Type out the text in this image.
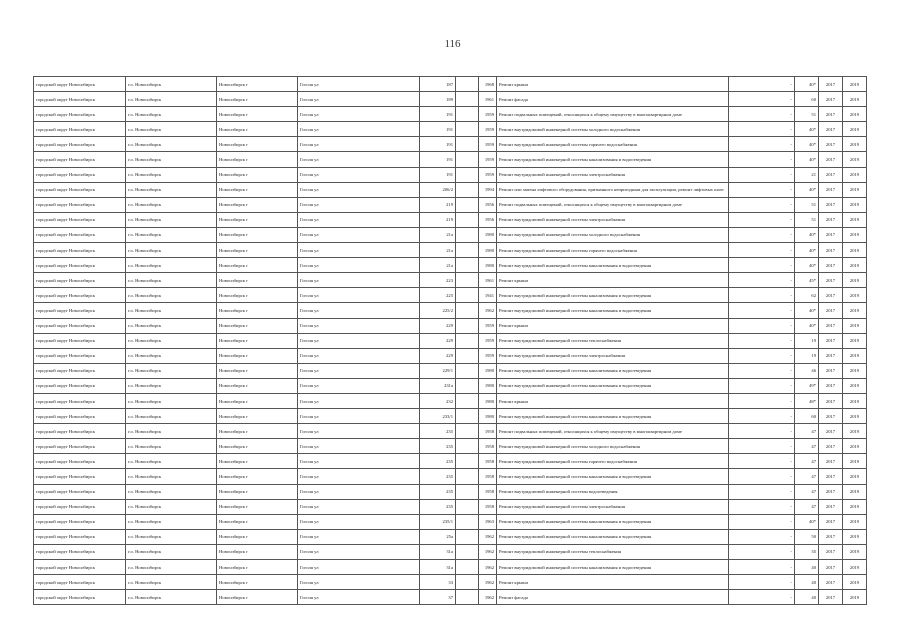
116
городской округ Новосибирск	г.о. Новосибирск	Новосибирск г	Гоголя ул	187		1968	Ремонт крыши	-	40*	2017	2019
городской округ Новосибирск	г.о. Новосибирск	Новосибирск г	Гоголя ул	189		1961	Ремонт фасада	-	60	2017	2019
городской округ Новосибирск	г.о. Новосибирск	Новосибирск г	Гоголя ул	191		1959	Ремонт подвальных помещений, относящихся к общему имуществу в многоквартирном доме	-	51	2017	2019
городской округ Новосибирск	г.о. Новосибирск	Новосибирск г	Гоголя ул	191		1959	Ремонт внутридомовой инженерной системы холодного водоснабжения	-	40*	2017	2019
городской округ Новосибирск	г.о. Новосибирск	Новосибирск г	Гоголя ул	191		1959	Ремонт внутридомовой инженерной системы горячего водоснабжения	-	40*	2017	2019
городской округ Новосибирск	г.о. Новосибирск	Новосибирск г	Гоголя ул	191		1959	Ремонт внутридомовой инженерной системы канализования и водоотведения	-	40*	2017	2019
городской округ Новосибирск	г.о. Новосибирск	Новосибирск г	Гоголя ул	191		1959	Ремонт внутридомовой инженерной системы электроснабжения	-	21	2017	2019
городской округ Новосибирск	г.о. Новосибирск	Новосибирск г	Гоголя ул	206/2		1994	Ремонт или замена лифтового оборудования, признанного непригодным для эксплуатации, ремонт лифтовых шахт	-	40*	2017	2019
городской округ Новосибирск	г.о. Новосибирск	Новосибирск г	Гоголя ул	219		1956	Ремонт подвальных помещений, относящихся к общему имуществу в многоквартирном доме	-	51	2017	2019
городской округ Новосибирск	г.о. Новосибирск	Новосибирск г	Гоголя ул	219		1956	Ремонт внутридомовой инженерной системы электроснабжения	-	51	2017	2019
городской округ Новосибирск	г.о. Новосибирск	Новосибирск г	Гоголя ул	21а		1980	Ремонт внутридомовой инженерной системы холодного водоснабжения	-	40*	2017	2019
городской округ Новосибирск	г.о. Новосибирск	Новосибирск г	Гоголя ул	21а		1980	Ремонт внутридомовой инженерной системы горячего водоснабжения	-	40*	2017	2019
городской округ Новосибирск	г.о. Новосибирск	Новосибирск г	Гоголя ул	21а		1980	Ремонт внутридомовой инженерной системы канализования и водоотведения	-	40*	2017	2019
городской округ Новосибирск	г.о. Новосибирск	Новосибирск г	Гоголя ул	223		1961	Ремонт крыши	-	45*	2017	2019
городской округ Новосибирск	г.о. Новосибирск	Новосибирск г	Гоголя ул	225		1941	Ремонт внутридомовой инженерной системы канализования и водоотведения	-	62	2017	2019
городской округ Новосибирск	г.о. Новосибирск	Новосибирск г	Гоголя ул	225/2		1962	Ремонт внутридомовой инженерной системы канализования и водоотведения	-	40*	2017	2019
городской округ Новосибирск	г.о. Новосибирск	Новосибирск г	Гоголя ул	229		1959	Ремонт крыши	-	40*	2017	2019
городской округ Новосибирск	г.о. Новосибирск	Новосибирск г	Гоголя ул	229		1959	Ремонт внутридомовой инженерной системы теплоснабжения	-	19	2017	2019
городской округ Новосибирск	г.о. Новосибирск	Новосибирск г	Гоголя ул	229		1959	Ремонт внутридомовой инженерной системы электроснабжения	-	19	2017	2019
городской округ Новосибирск	г.о. Новосибирск	Новосибирск г	Гоголя ул	229/1		1980	Ремонт внутридомовой инженерной системы канализования и водоотведения	-	46	2017	2019
городской округ Новосибирск	г.о. Новосибирск	Новосибирск г	Гоголя ул	231а		1980	Ремонт внутридомовой инженерной системы канализования и водоотведения	-	49*	2017	2019
городской округ Новосибирск	г.о. Новосибирск	Новосибирск г	Гоголя ул	232		1980	Ремонт крыши	-	48*	2017	2019
городской округ Новосибирск	г.о. Новосибирск	Новосибирск г	Гоголя ул	233/1		1980	Ремонт внутридомовой инженерной системы канализования и водоотведения	-	60	2017	2019
городской округ Новосибирск	г.о. Новосибирск	Новосибирск г	Гоголя ул	235		1958	Ремонт подвальных помещений, относящихся к общему имуществу в многоквартирном доме	-	47	2017	2019
городской округ Новосибирск	г.о. Новосибирск	Новосибирск г	Гоголя ул	235		1958	Ремонт внутридомовой инженерной системы холодного водоснабжения	-	47	2017	2019
городской округ Новосибирск	г.о. Новосибирск	Новосибирск г	Гоголя ул	235		1958	Ремонт внутридомовой инженерной системы горячего водоснабжения	-	47	2017	2019
городской округ Новосибирск	г.о. Новосибирск	Новосибирск г	Гоголя ул	235		1958	Ремонт внутридомовой инженерной системы канализования и водоотведения	-	47	2017	2019
городской округ Новосибирск	г.о. Новосибирск	Новосибирск г	Гоголя ул	235		1958	Ремонт внутридомовой инженерной системы водоотведения	-	47	2017	2019
городской округ Новосибирск	г.о. Новосибирск	Новосибирск г	Гоголя ул	235		1958	Ремонт внутридомовой инженерной системы электроснабжения	-	47	2017	2019
городской округ Новосибирск	г.о. Новосибирск	Новосибирск г	Гоголя ул	235/1		1963	Ремонт внутридомовой инженерной системы канализования и водоотведения	-	40*	2017	2019
городской округ Новосибирск	г.о. Новосибирск	Новосибирск г	Гоголя ул	25а		1962	Ремонт внутридомовой инженерной системы канализования и водоотведения	-	50	2017	2019
городской округ Новосибирск	г.о. Новосибирск	Новосибирск г	Гоголя ул	31а		1962	Ремонт внутридомовой инженерной системы теплоснабжения	-	35	2017	2019
городской округ Новосибирск	г.о. Новосибирск	Новосибирск г	Гоголя ул	31а		1962	Ремонт внутридомовой инженерной системы канализования и водоотведения	-	40	2017	2019
городской округ Новосибирск	г.о. Новосибирск	Новосибирск г	Гоголя ул	33		1962	Ремонт крыши	-	40	2017	2019
городской округ Новосибирск	г.о. Новосибирск	Новосибирск г	Гоголя ул	37		1962	Ремонт фасада	-	40	2017	2019
